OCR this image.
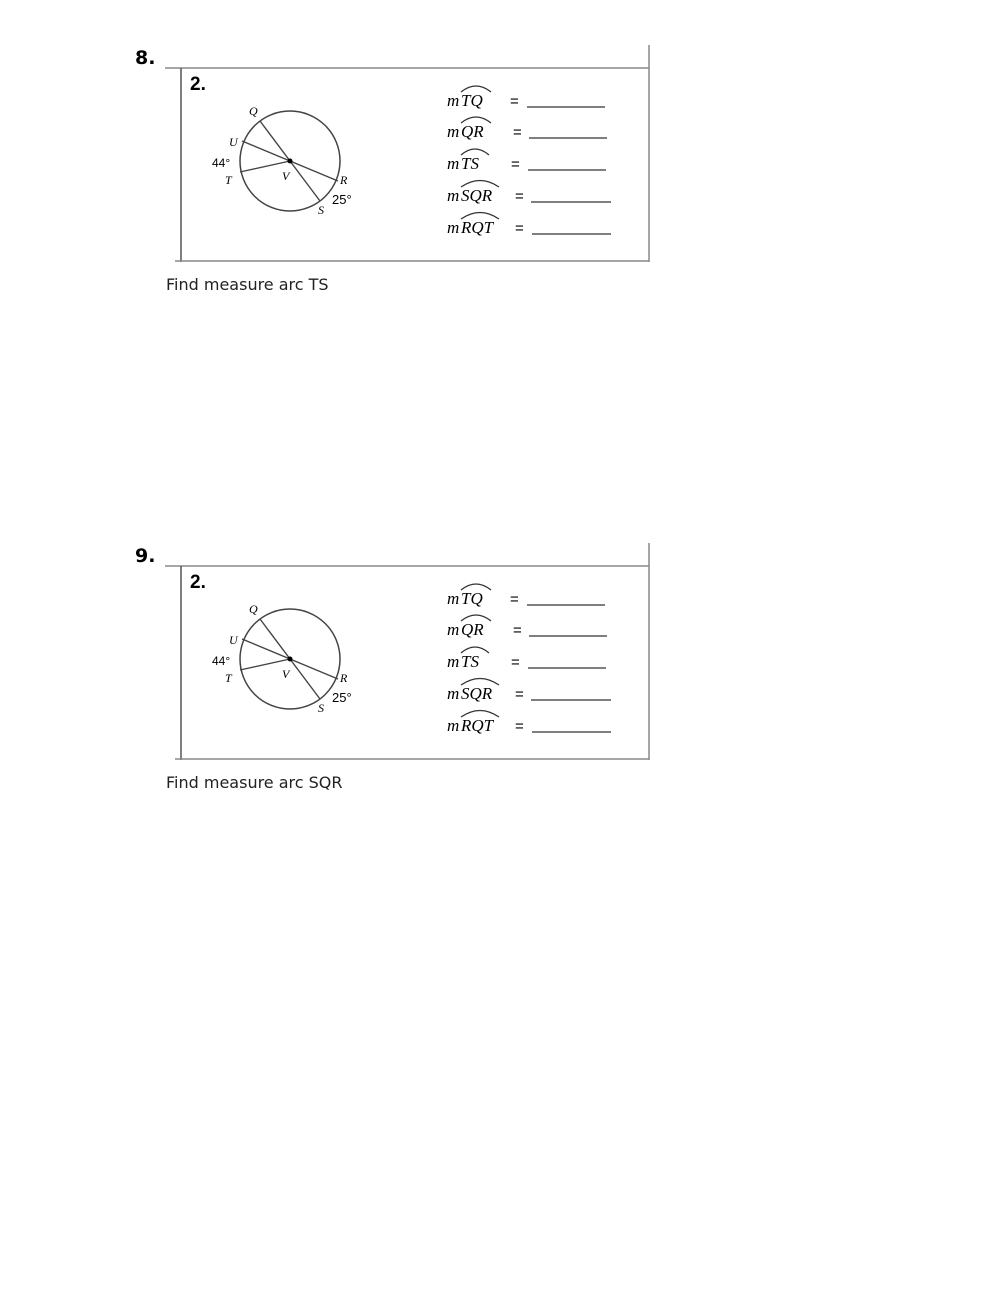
8.
2.
Q
U
44°
T	V	R
25°
S
m TQ =
m QR =
m TS =
m SQR =
m RQT =
Find measure arc TS
9.
2.
Q
U
44°
T	V	R
25°
S
m TQ =
m QR =
m TS =
m SQR =
m RQT =
Find measure arc SQR
